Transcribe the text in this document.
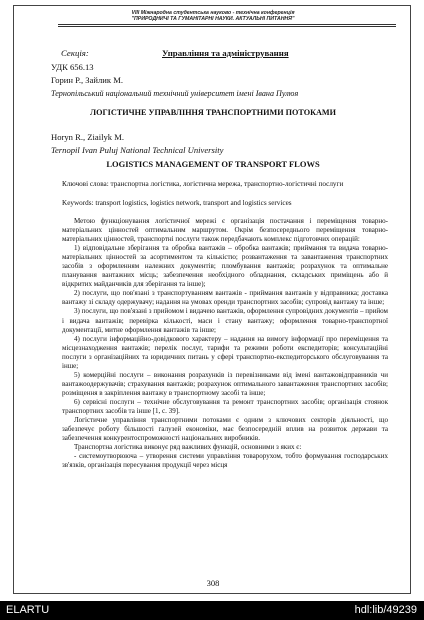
VIII Міжнародна студентська науково - технічна конференція
"ПРИРОДНИЧІ ТА ГУМАНІТАРНІ НАУКИ. АКТУАЛЬНІ ПИТАННЯ"
Секція:	Управління та адміністрування
УДК 656.13
Горин Р., Зайлик М.
Тернопільський національний технічний університет імені Івана Пулюя
ЛОГІСТИЧНЕ УПРАВЛІННЯ ТРАНСПОРТНИМИ ПОТОКАМИ
Horyn R., Ziailyk M.
Ternopil Ivan Puluj National Technical University
LOGISTICS MANAGEMENT OF TRANSPORT FLOWS

Ключові слова: транспортна логістика, логістична мережа, транспортно-логістичні послуги

Keywords: transport logistics, logistics network, transport and logistics services

Метою функціонування логістичної мережі є організація постачання і переміщення товарно-матеріальних цінностей оптимальним маршрутом. Окрім безпосереднього переміщення товарно-матеріальних цінностей, транспортні послуги також передбачають комплекс підготовчих операцій:

1) відповідальне зберігання та обробка вантажів – обробка вантажів; приймання та видача товарно-матеріальних цінностей за асортиментом та кількістю; розвантаження та завантаження транспортних засобів з оформленням належних документів; пломбування вантажів; розрахунок та оптимальне планування вантажних місць; забезпечення необхідного обладнання, складських приміщень або й відкритих майданчиків для зберігання та інше);

2) послуги, що пов'язані з транспортуванням вантажів - приймання вантажів у відправника; доставка вантажу зі складу одержувачу; надання на умовах оренди транспортних засобів; супровід вантажу та інше;

3) послуги, що пов'язані з прийомом і видачею вантажів, оформлення супровідних документів – прийом і видача вантажів; перевірка кількості, маси і стану вантажу; оформлення товарно-транспортної документації, митне оформлення вантажів та інше;

4) послуги інформаційно-довідкового характеру – надання на вимогу інформації про переміщення та місцезнаходження вантажів; перелік послуг, тарифи та режими роботи експедиторів; консультаційні послуги з організаційних та юридичних питань у сфері транспортно-експедиторського обслуговування та інше;

5) комерційні послуги – виконання розрахунків із перевізниками від імені вантажовідправників чи вантажоодержувачів; страхування вантажів; розрахунок оптимального завантаження транспортних засобів; розміщення в закріплення вантажу в транспортному засобі та інше;

6) сервісні послуги – технічне обслуговування та ремонт транспортних засобів; організація стоянок транспортних засобів та інше [1, с. 39].

Логістичне управління транспортними потоками є одним з ключових секторів діяльності, що забезпечує роботу більшості галузей економіки, має безпосередній вплив на розвиток держави та забезпечення конкурентоспроможності національних виробників.

Транспортна логістика виконує ряд важливих функцій, основними з яких є:

- системоутворююча – утворення системи управління товарорухом, тобто формування господарських зв'язків, організація пересування продукції через місця

308
ELARTU	hdl:lib/49239
